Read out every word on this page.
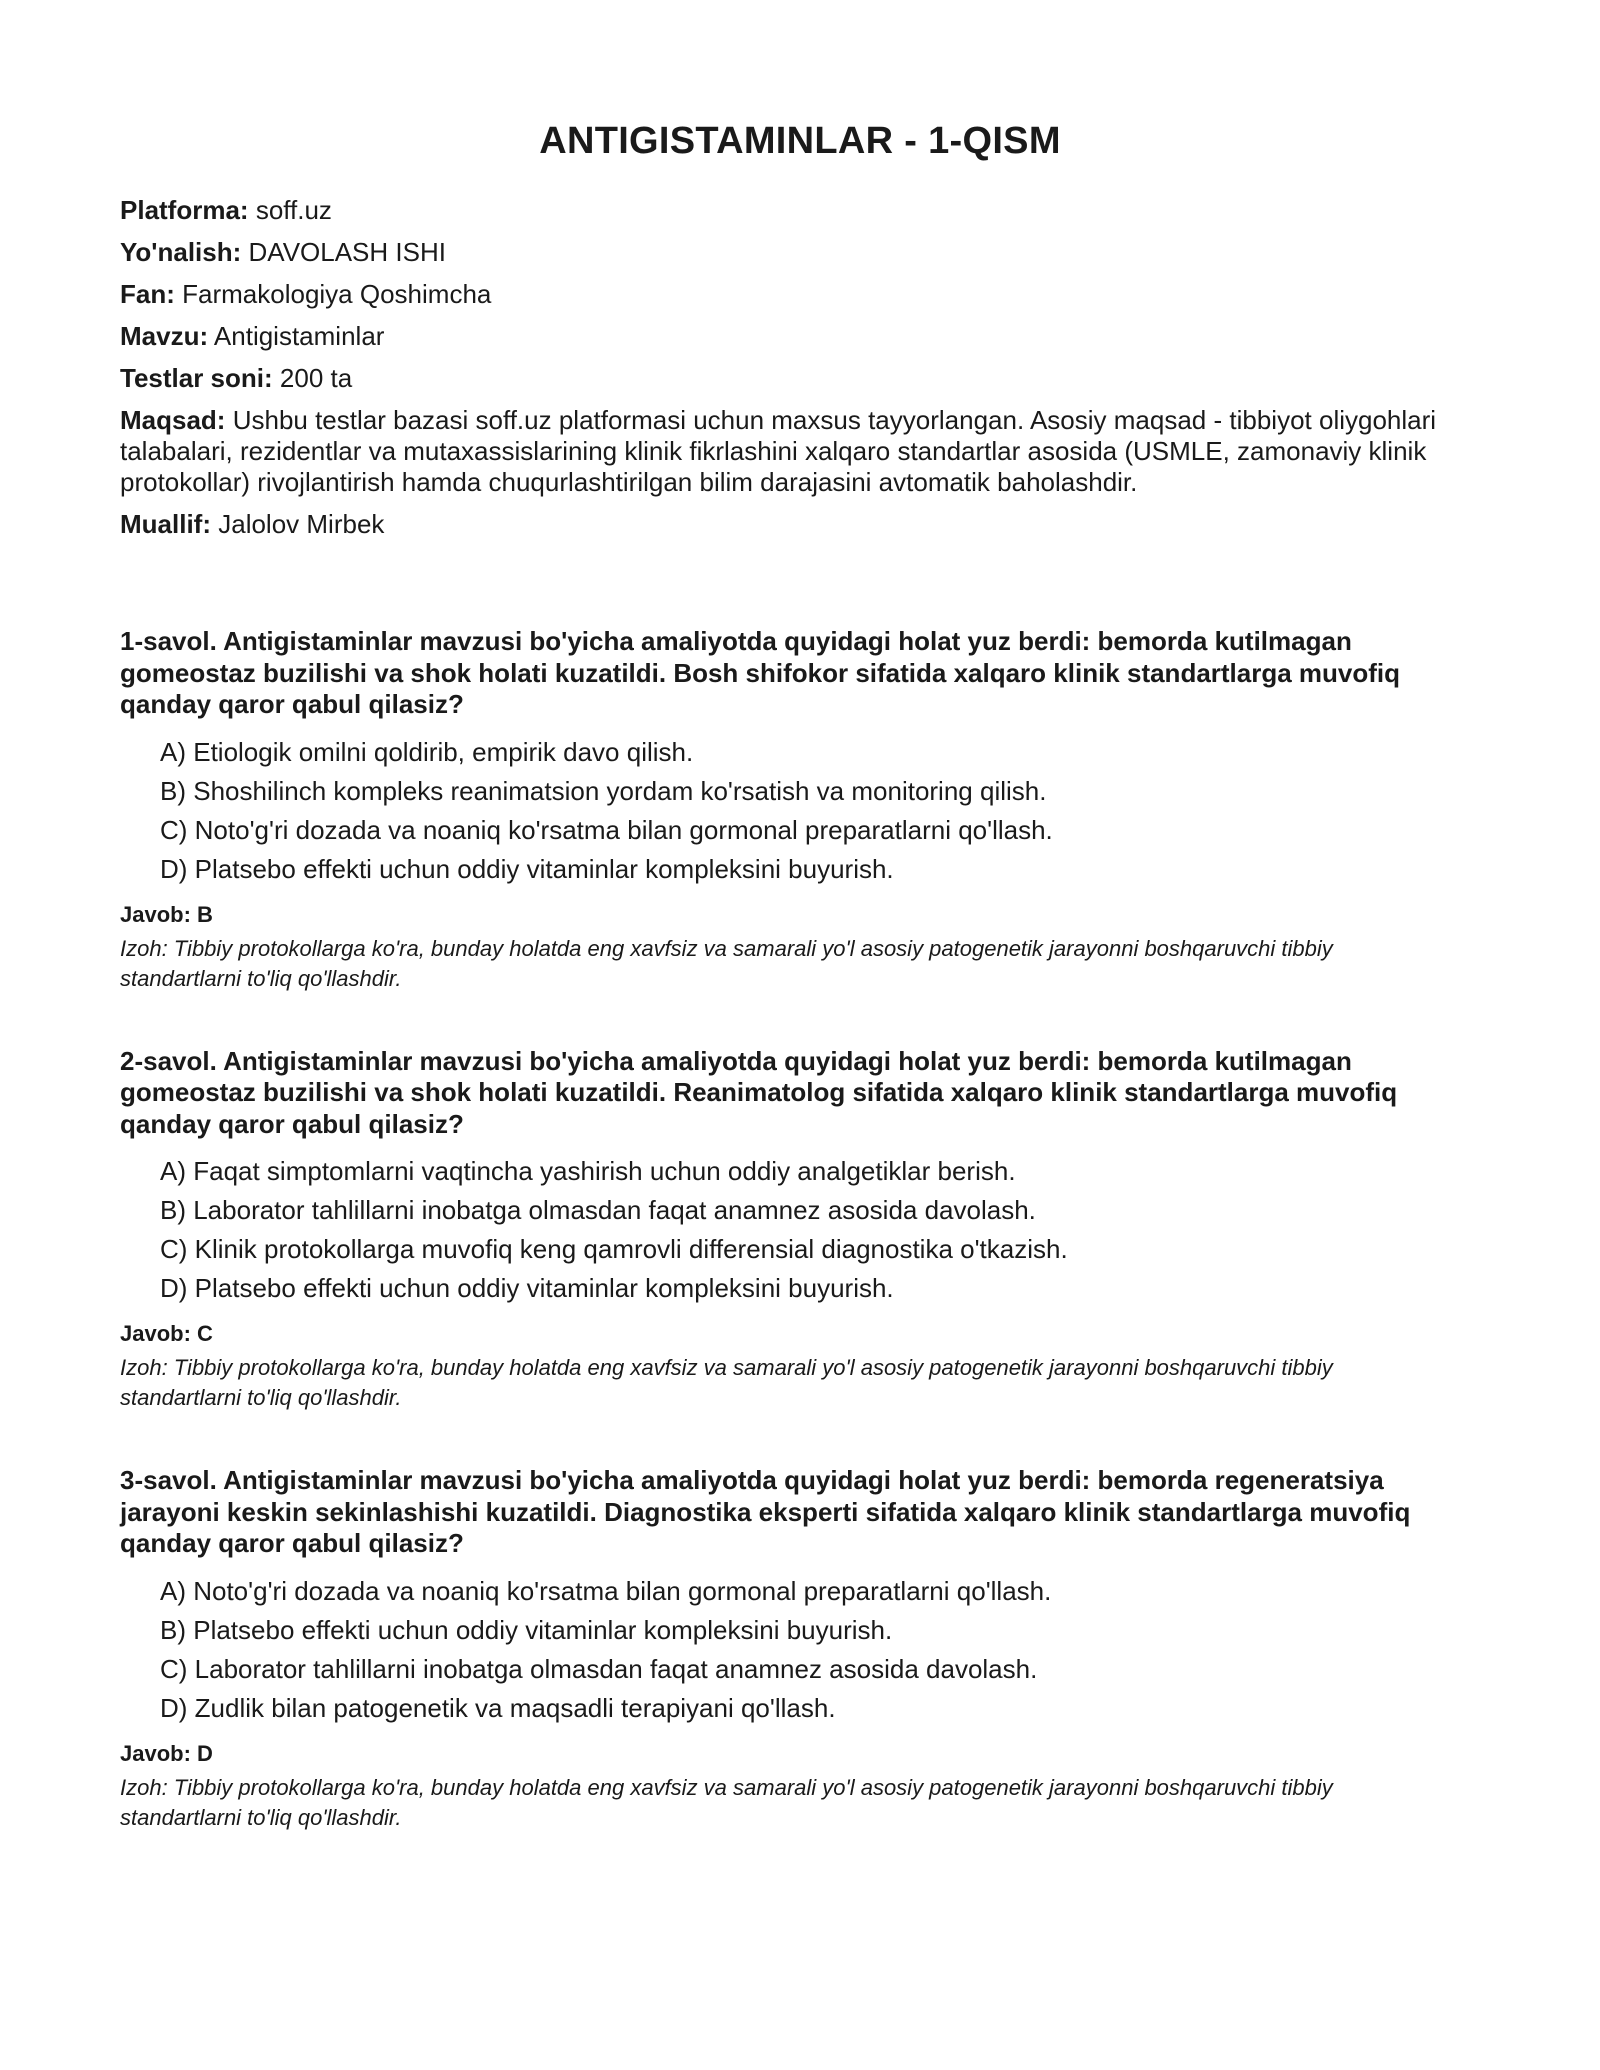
ANTIGISTAMINLAR - 1-QISM

Platforma: soff.uz

Yo'nalish: DAVOLASH ISHI

Fan: Farmakologiya Qoshimcha

Mavzu: Antigistaminlar

Testlar soni: 200 ta

Maqsad: Ushbu testlar bazasi soff.uz platformasi uchun maxsus tayyorlangan. Asosiy maqsad - tibbiyot oliygohlari talabalari, rezidentlar va mutaxassislarining klinik fikrlashini xalqaro standartlar asosida (USMLE, zamonaviy klinik protokollar) rivojlantirish hamda chuqurlashtirilgan bilim darajasini avtomatik baholashdir.

Muallif: Jalolov Mirbek

1-savol. Antigistaminlar mavzusi bo'yicha amaliyotda quyidagi holat yuz berdi: bemorda kutilmagan gomeostaz buzilishi va shok holati kuzatildi. Bosh shifokor sifatida xalqaro klinik standartlarga muvofiq qanday qaror qabul qilasiz?

A) Etiologik omilni qoldirib, empirik davo qilish.
B) Shoshilinch kompleks reanimatsion yordam ko'rsatish va monitoring qilish.
C) Noto'g'ri dozada va noaniq ko'rsatma bilan gormonal preparatlarni qo'llash.
D) Platsebo effekti uchun oddiy vitaminlar kompleksini buyurish.

Javob: B

Izoh: Tibbiy protokollarga ko'ra, bunday holatda eng xavfsiz va samarali yo'l asosiy patogenetik jarayonni boshqaruvchi tibbiy standartlarni to'liq qo'llashdir.

2-savol. Antigistaminlar mavzusi bo'yicha amaliyotda quyidagi holat yuz berdi: bemorda kutilmagan gomeostaz buzilishi va shok holati kuzatildi. Reanimatolog sifatida xalqaro klinik standartlarga muvofiq qanday qaror qabul qilasiz?

A) Faqat simptomlarni vaqtincha yashirish uchun oddiy analgetiklar berish.
B) Laborator tahlillarni inobatga olmasdan faqat anamnez asosida davolash.
C) Klinik protokollarga muvofiq keng qamrovli differensial diagnostika o'tkazish.
D) Platsebo effekti uchun oddiy vitaminlar kompleksini buyurish.

Javob: C

Izoh: Tibbiy protokollarga ko'ra, bunday holatda eng xavfsiz va samarali yo'l asosiy patogenetik jarayonni boshqaruvchi tibbiy standartlarni to'liq qo'llashdir.

3-savol. Antigistaminlar mavzusi bo'yicha amaliyotda quyidagi holat yuz berdi: bemorda regeneratsiya jarayoni keskin sekinlashishi kuzatildi. Diagnostika eksperti sifatida xalqaro klinik standartlarga muvofiq qanday qaror qabul qilasiz?

A) Noto'g'ri dozada va noaniq ko'rsatma bilan gormonal preparatlarni qo'llash.
B) Platsebo effekti uchun oddiy vitaminlar kompleksini buyurish.
C) Laborator tahlillarni inobatga olmasdan faqat anamnez asosida davolash.
D) Zudlik bilan patogenetik va maqsadli terapiyani qo'llash.

Javob: D

Izoh: Tibbiy protokollarga ko'ra, bunday holatda eng xavfsiz va samarali yo'l asosiy patogenetik jarayonni boshqaruvchi tibbiy standartlarni to'liq qo'llashdir.
